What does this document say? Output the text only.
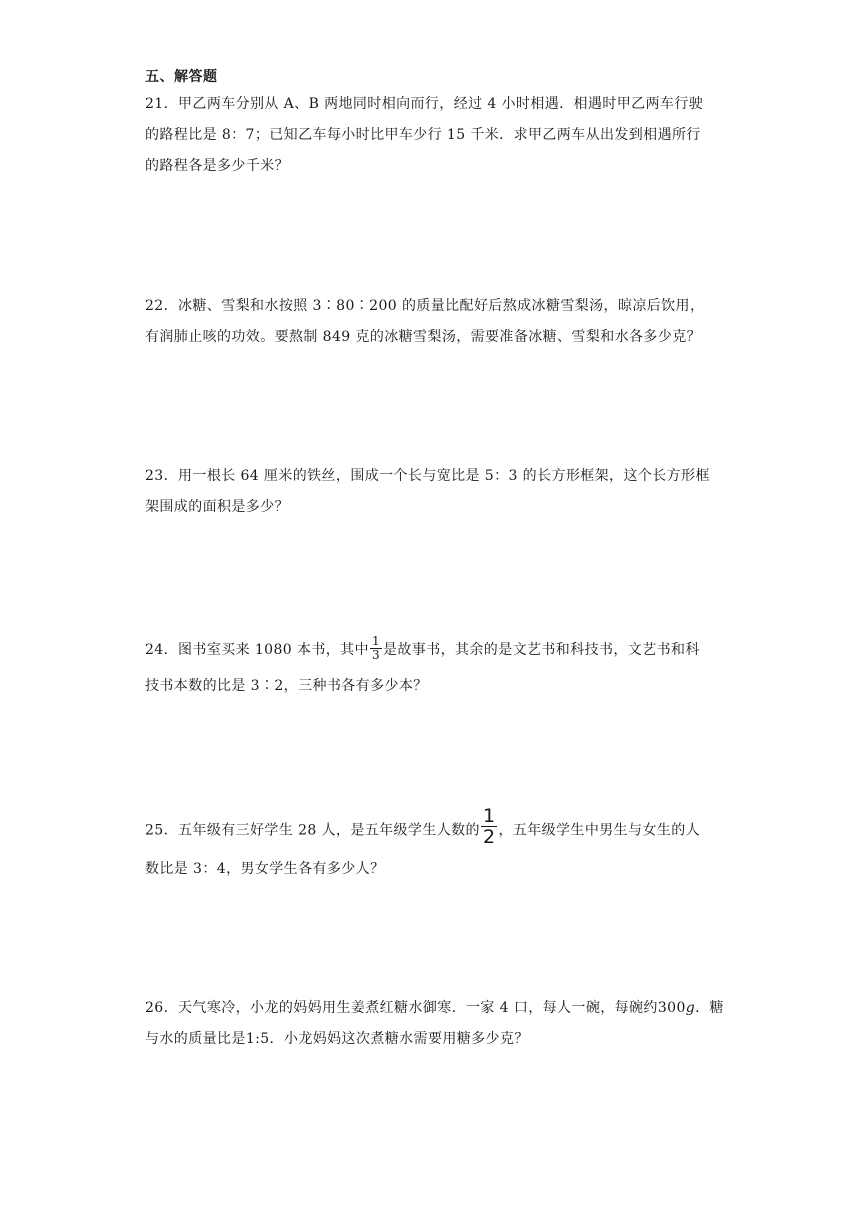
五、解答题

21．甲乙两车分别从 A、B 两地同时相向而行，经过 4 小时相遇．相遇时甲乙两车行驶

的路程比是 8：7；已知乙车每小时比甲车少行 15 千米．求甲乙两车从出发到相遇所行

的路程各是多少千米？

22．冰糖、雪梨和水按照 3∶80∶200 的质量比配好后熬成冰糖雪梨汤，晾凉后饮用，

有润肺止咳的功效。要熬制 849 克的冰糖雪梨汤，需要准备冰糖、雪梨和水各多少克？

23．用一根长 64 厘米的铁丝，围成一个长与宽比是 5：3 的长方形框架，这个长方形框

架围成的面积是多少？

24．图书室买来 1080 本书，其中 $\frac{1}{3}$ 是故事书，其余的是文艺书和科技书，文艺书和科

技书本数的比是 3∶2，三种书各有多少本？

25．五年级有三好学生 28 人，是五年级学生人数的 $\frac{1}{2}$ ，五年级学生中男生与女生的人

数比是 3：4，男女学生各有多少人？

26．天气寒冷，小龙的妈妈用生姜煮红糖水御寒．一家 4 口，每人一碗，每碗约300g．糖

与水的质量比是1:5．小龙妈妈这次煮糖水需要用糖多少克？
